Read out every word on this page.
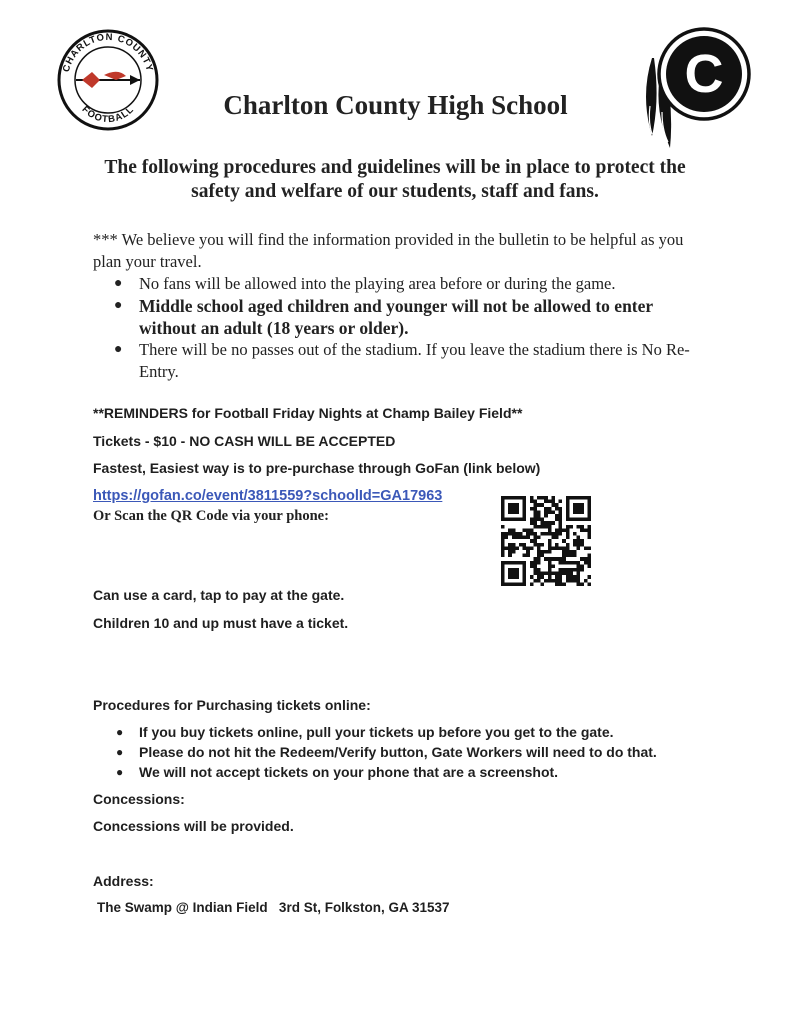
CHARLTON COUNTY
FOOTBALL
C
Charlton County High School

The following procedures and guidelines will be in place to protect the safety and welfare of our students, staff and fans.

*** We believe you will find the information provided in the bulletin to be helpful as you plan your travel.

● No fans will be allowed into the playing area before or during the game.
● Middle school aged children and younger will not be allowed to enter without an adult (18 years or older).
● There will be no passes out of the stadium. If you leave the stadium there is No Re-Entry.

**REMINDERS for Football Friday Nights at Champ Bailey Field**

Tickets - $10 - NO CASH WILL BE ACCEPTED

Fastest, Easiest way is to pre-purchase through GoFan (link below)

https://gofan.co/event/3811559?schoolId=GA17963

Or Scan the QR Code via your phone:

Can use a card, tap to pay at the gate.

Children 10 and up must have a ticket.

Procedures for Purchasing tickets online:

● If you buy tickets online, pull your tickets up before you get to the gate.
● Please do not hit the Redeem/Verify button, Gate Workers will need to do that.
● We will not accept tickets on your phone that are a screenshot.

Concessions:

Concessions will be provided.

Address:

The Swamp @ Indian Field   3rd St, Folkston, GA 31537
